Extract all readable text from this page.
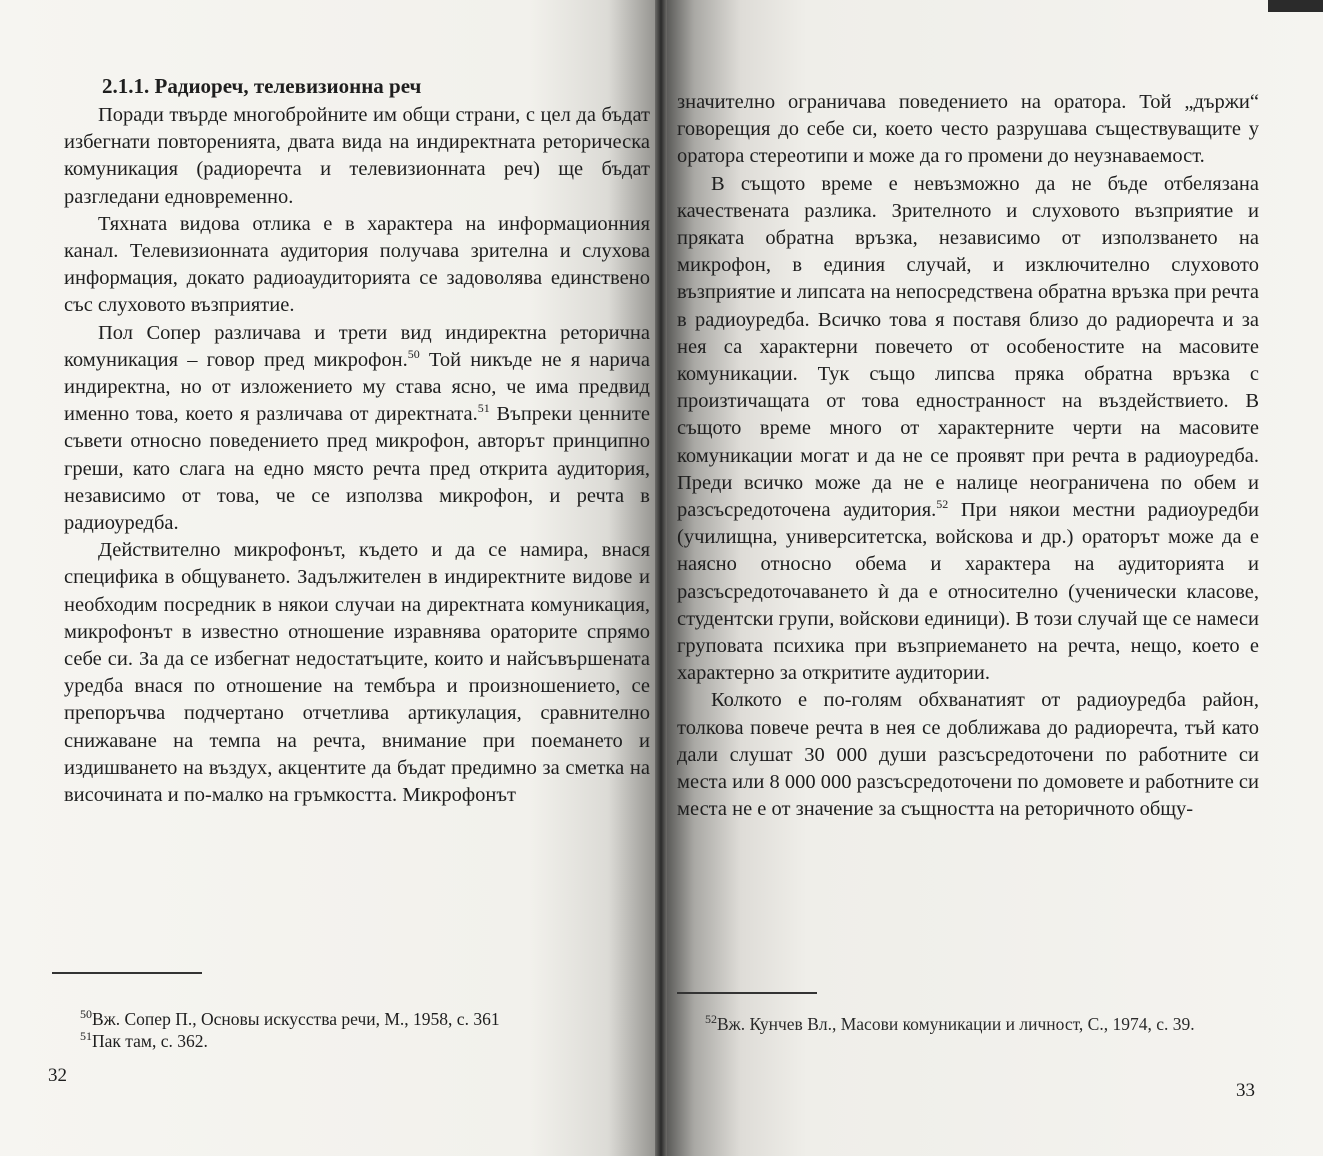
2.1.1. Радиореч, телевизионна реч

Поради твърде многобройните им общи страни, с цел да бъдат избегнати повторенията, двата вида на индиректната реторическа комуникация (радиоречта и телевизионната реч) ще бъдат разгледани едновременно.

Тяхната видова отлика е в характера на информационния канал. Телевизионната аудитория получава зрителна и слухова информация, докато радиоаудиторията се задоволява единствено със слуховото възприятие.

Пол Сопер различава и трети вид индиректна реторична комуникация – говор пред микрофон.$^{50}$ Той никъде не я нарича индиректна, но от изложението му става ясно, че има предвид именно това, което я различава от директната.$^{51}$ Въпреки ценните съвети относно поведението пред микрофон, авторът принципно греши, като слага на едно място речта пред открита аудитория, независимо от това, че се използва микрофон, и речта в радиоуредба.

Действително микрофонът, където и да се намира, внася специфика в общуването. Задължителен в индиректните видове и необходим посредник в някои случаи на директната комуникация, микрофонът в известно отношение изравнява ораторите спрямо себе си. За да се избегнат недостатъците, които и найсъвършената уредба внася по отношение на тембъра и произношението, се препоръчва подчертано отчетлива артикулация, сравнително снижаване на темпа на речта, внимание при поемането и издишването на въздух, акцентите да бъдат предимно за сметка на височината и по-малко на гръмкостта. Микрофонът

$^{50}$Вж. Сопер П., Основы искусства речи, М., 1958, с. 361
$^{51}$Пак там, с. 362.
32

значително ограничава поведението на оратора. Той „държи“ говорещия до себе си, което често разрушава съществуващите у оратора стереотипи и може да го промени до неузнаваемост.

В същото време е невъзможно да не бъде отбелязана качествената разлика. Зрителното и слуховото възприятие и пряката обратна връзка, независимо от използването на микрофон, в единия случай, и изключително слуховото възприятие и липсата на непосредствена обратна връзка при речта в радиоуредба. Всичко това я поставя близо до радиоречта и за нея са характерни повечето от особеностите на масовите комуникации. Тук също липсва пряка обратна връзка с произтичащата от това едностранност на въздействието. В същото време много от характерните черти на масовите комуникации могат и да не се проявят при речта в радиоуредба. Преди всичко може да не е налице неограничена по обем и разсъсредоточена аудитория.$^{52}$ При някои местни радиоуредби (училищна, университетска, войскова и др.) ораторът може да е наясно относно обема и характера на аудиторията и разсъсредоточаването ѝ да е относително (ученически класове, студентски групи, войскови единици). В този случай ще се намеси груповата психика при възприемането на речта, нещо, което е характерно за откритите аудитории.

Колкото е по-голям обхванатият от радиоуредба район, толкова повече речта в нея се доближава до радиоречта, тъй като дали слушат 30 000 души разсъсредоточени по работните си места или 8 000 000 разсъсредоточени по домовете и работните си места не е от значение за същността на реторичното общу-

$^{52}$Вж. Кунчев Вл., Масови комуникации и личност, С., 1974, с. 39.
33
